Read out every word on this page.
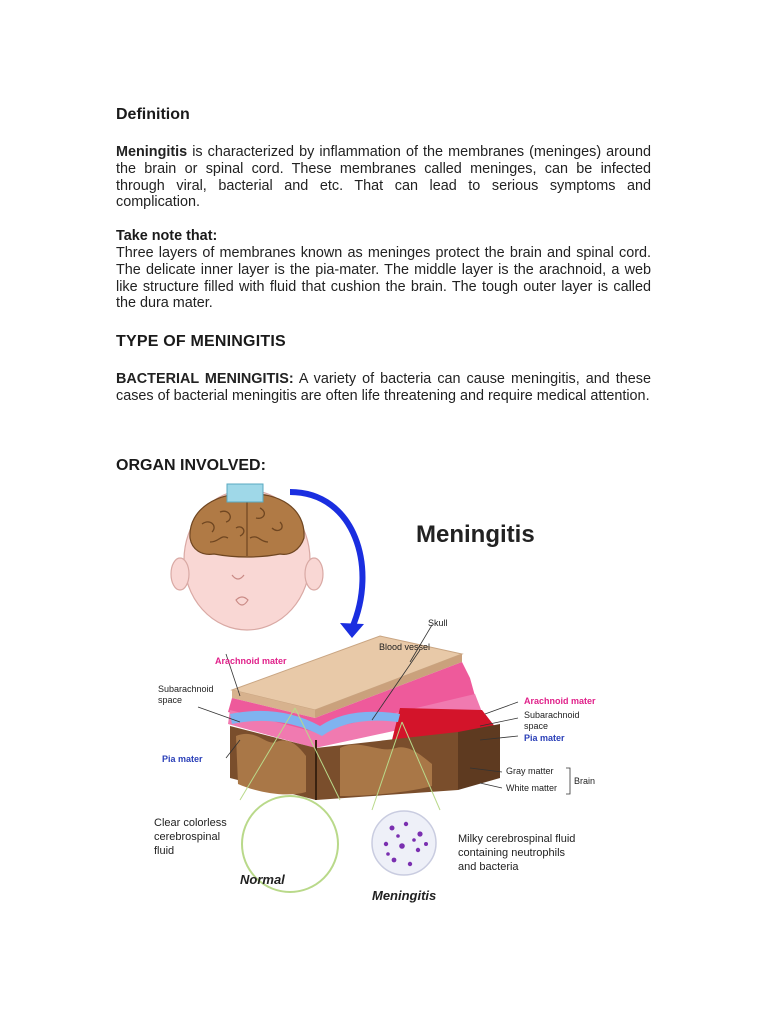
Definition

Meningitis is characterized by inflammation of the membranes (meninges) around the brain or spinal cord. These membranes called meninges, can be infected through viral, bacterial and etc. That can lead to serious symptoms and complication.

Take note that:

Three layers of membranes known as meninges protect the brain and spinal cord. The delicate inner layer is the pia-mater. The middle layer is the arachnoid, a web like structure filled with fluid that cushion the brain. The tough outer layer is called the dura mater.

TYPE OF MENINGITIS

BACTERIAL MENINGITIS: A variety of bacteria can cause meningitis, and these cases of bacterial meningitis are often life threatening and require medical attention.

ORGAN INVOLVED:
Meningitis
Skull
Blood vessel
Arachnoid mater
Subarachnoid
space
Pia mater
Arachnoid mater
Subarachnoid
space
Pia mater
Gray matter
White matter
Brain
Clear colorless
cerebrospinal
fluid
Normal
Milky cerebrospinal fluid
containing neutrophils
and bacteria
Meningitis
